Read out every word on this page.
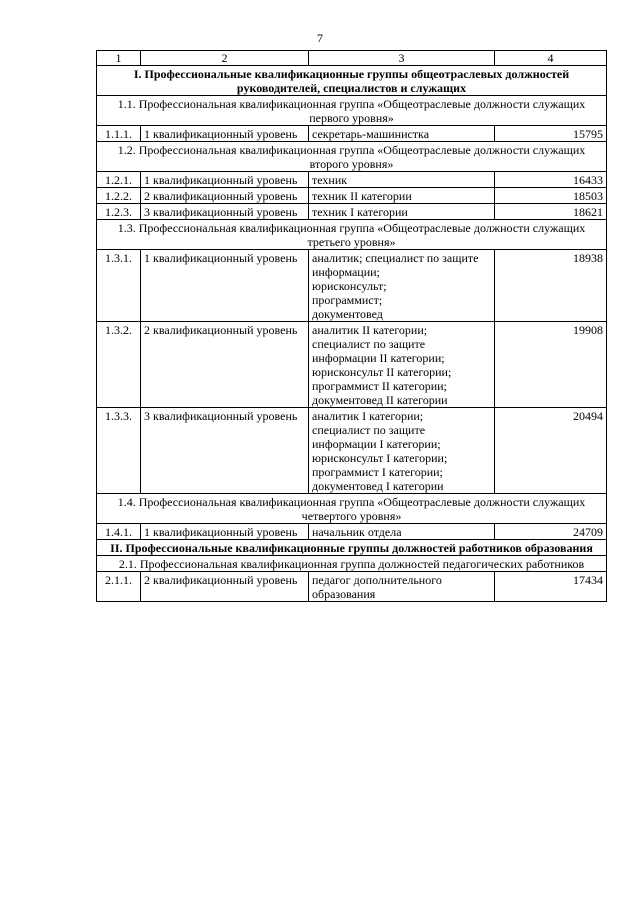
7
1	2	3	4
I. Профессиональные квалификационные группы общеотраслевых должностей руководителей, специалистов и служащих			
1.1. Профессиональная квалификационная группа «Общеотраслевые должности служащих первого уровня»			
1.1.1.	1 квалификационный уровень	секретарь-машинистка	15795
1.2. Профессиональная квалификационная группа «Общеотраслевые должности служащих второго уровня»			
1.2.1.	1 квалификационный уровень	техник	16433
1.2.2.	2 квалификационный уровень	техник II категории	18503
1.2.3.	3 квалификационный уровень	техник I категории	18621
1.3. Профессиональная квалификационная группа «Общеотраслевые должности служащих третьего уровня»			
1.3.1.	1 квалификационный уровень	аналитик; специалист по защите информации;
юрисконсульт;
программист;
документовед	18938
1.3.2.	2 квалификационный уровень	аналитик II категории;
специалист по защите информации II категории;
юрисконсульт II категории;
программист II категории;
документовед II категории	19908
1.3.3.	3 квалификационный уровень	аналитик I категории;
специалист по защите информации I категории;
юрисконсульт I категории;
программист I категории;
документовед I категории	20494
1.4. Профессиональная квалификационная группа «Общеотраслевые должности служащих четвертого уровня»			
1.4.1.	1 квалификационный уровень	начальник отдела	24709
II. Профессиональные квалификационные группы должностей работников образования			
2.1. Профессиональная квалификационная группа должностей педагогических работников			
2.1.1.	2 квалификационный уровень	педагог дополнительного образования	17434
